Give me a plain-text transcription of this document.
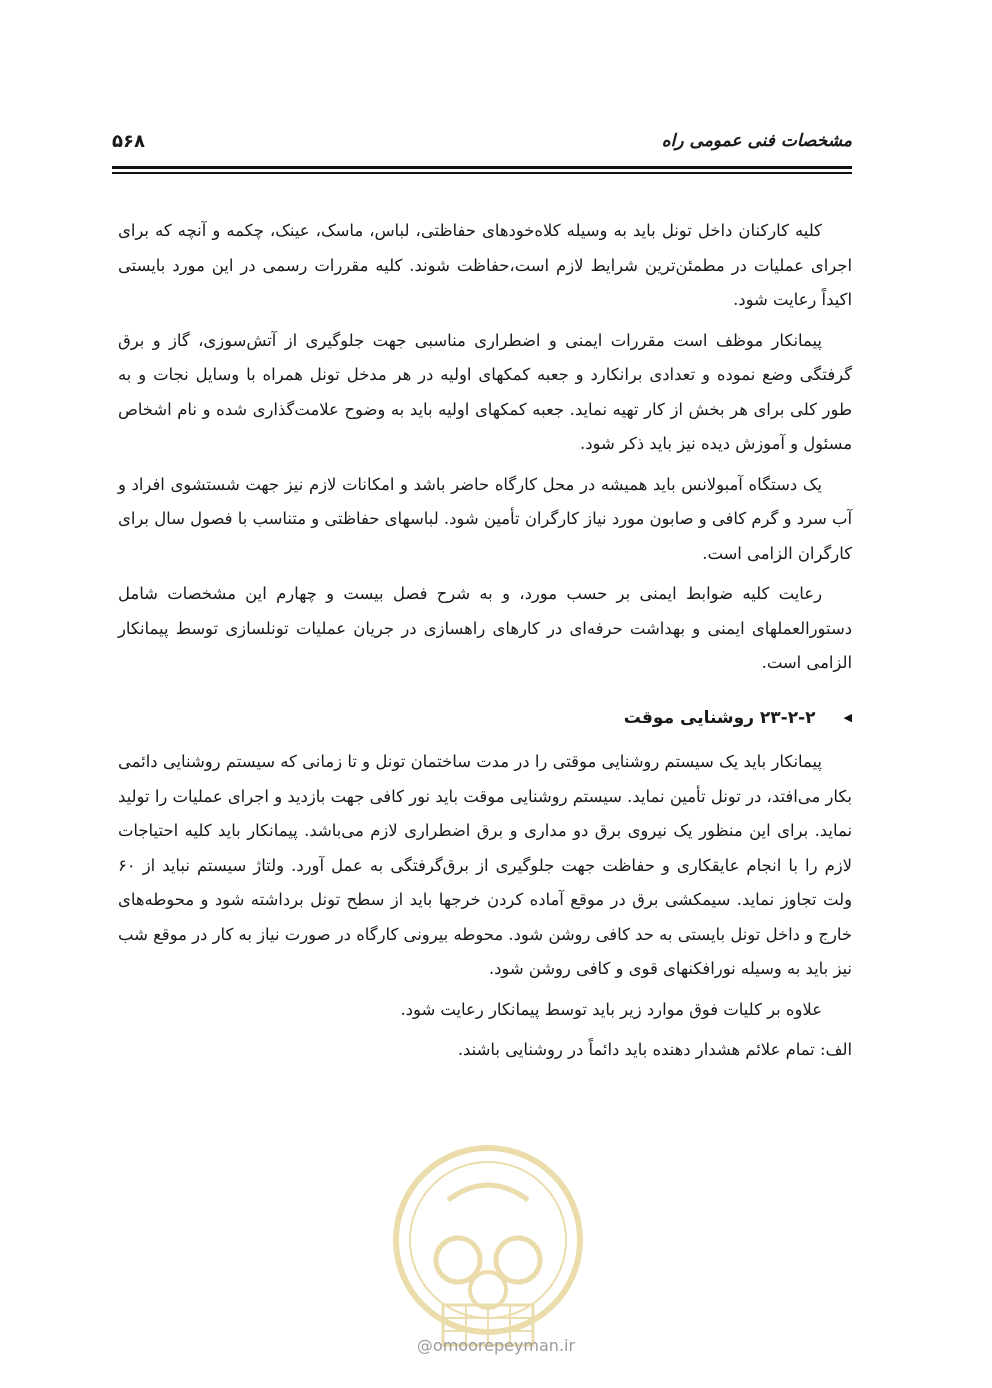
۵۶۸	مشخصات فنی عمومی راه

کلیه کارکنان داخل تونل باید به وسیله کلاه‌خودهای حفاظتی، لباس، ماسک، عینک، چکمه و آنچه که برای اجرای عملیات در مطمئن‌ترین شرایط لازم است،حفاظت شوند. کلیه مقررات رسمی در این مورد بایستی اکیداً رعایت شود.

پیمانکار موظف است مقررات ایمنی و اضطراری مناسبی جهت جلوگیری از آتش‌سوزی، گاز و برق گرفتگی وضع نموده و تعدادی برانکارد و جعبه کمکهای اولیه در هر مدخل تونل همراه با وسایل نجات و به طور کلی برای هر بخش از کار تهیه نماید. جعبه کمکهای اولیه باید به وضوح علامت‌گذاری شده و نام اشخاص مسئول و آموزش دیده نیز باید ذکر شود.

یک دستگاه آمبولانس باید همیشه در محل کارگاه حاضر باشد و امکانات لازم نیز جهت شستشوی افراد و آب سرد و گرم کافی و صابون مورد نیاز کارگران تأمین شود. لباسهای حفاظتی و متناسب با فصول سال برای کارگران الزامی است.

رعایت کلیه ضوابط ایمنی بر حسب مورد، و به شرح فصل بیست و چهارم این مشخصات شامل دستورالعملهای ایمنی و بهداشت حرفه‌ای در کارهای راهسازی در جریان عملیات تونلسازی توسط پیمانکار الزامی است.

◀
۲۳-۲-۲ روشنایی موقت

پیمانکار باید یک سیستم روشنایی موقتی را در مدت ساختمان تونل و تا زمانی که سیستم روشنایی دائمی بکار می‌افتد، در تونل تأمین نماید. سیستم روشنایی موقت باید نور کافی جهت بازدید و اجرای عملیات را تولید نماید. برای این منظور یک نیروی برق دو مداری و برق اضطراری لازم می‌باشد. پیمانکار باید کلیه احتیاجات لازم را با انجام عایقکاری و حفاظت جهت جلوگیری از برق‌گرفتگی به عمل آورد. ولتاژ سیستم نباید از ۶۰ ولت تجاوز نماید. سیمکشی برق در موقع آماده کردن خرجها باید از سطح تونل برداشته شود و محوطه‌های خارج و داخل تونل بایستی به حد کافی روشن شود. محوطه بیرونی کارگاه در صورت نیاز به کار در موقع شب نیز باید به وسیله نورافکنهای قوی و کافی روشن شود.

علاوه بر کلیات فوق موارد زیر باید توسط پیمانکار رعایت شود.

الف: تمام علائم هشدار دهنده باید دائماً در روشنایی باشند.

@omoorepeyman.ir
